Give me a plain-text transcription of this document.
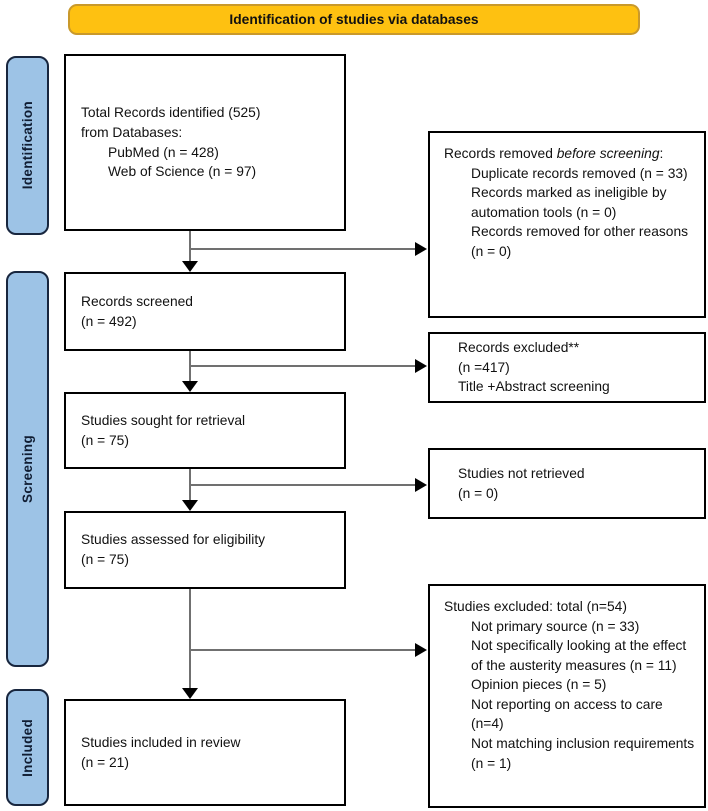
Identification of studies via databases
Identification
Screening
Included
Total Records identified (525)
from Databases:
PubMed (n = 428)
Web of Science (n = 97)
Records screened
(n = 492)
Studies sought for retrieval
(n = 75)
Studies assessed for eligibility
(n = 75)
Studies included in review
(n = 21)
Records removed before screening:
Duplicate records removed (n = 33)
Records marked as ineligible by automation tools (n = 0)
Records removed for other reasons (n = 0)
Records excluded**
(n =417)
Title +Abstract screening
Studies not retrieved
(n = 0)
Studies excluded: total (n=54)
Not primary source (n = 33)
Not specifically looking at the effect of the austerity measures (n = 11)
Opinion pieces (n = 5)
Not reporting on access to care (n=4)
Not matching inclusion requirements (n = 1)
